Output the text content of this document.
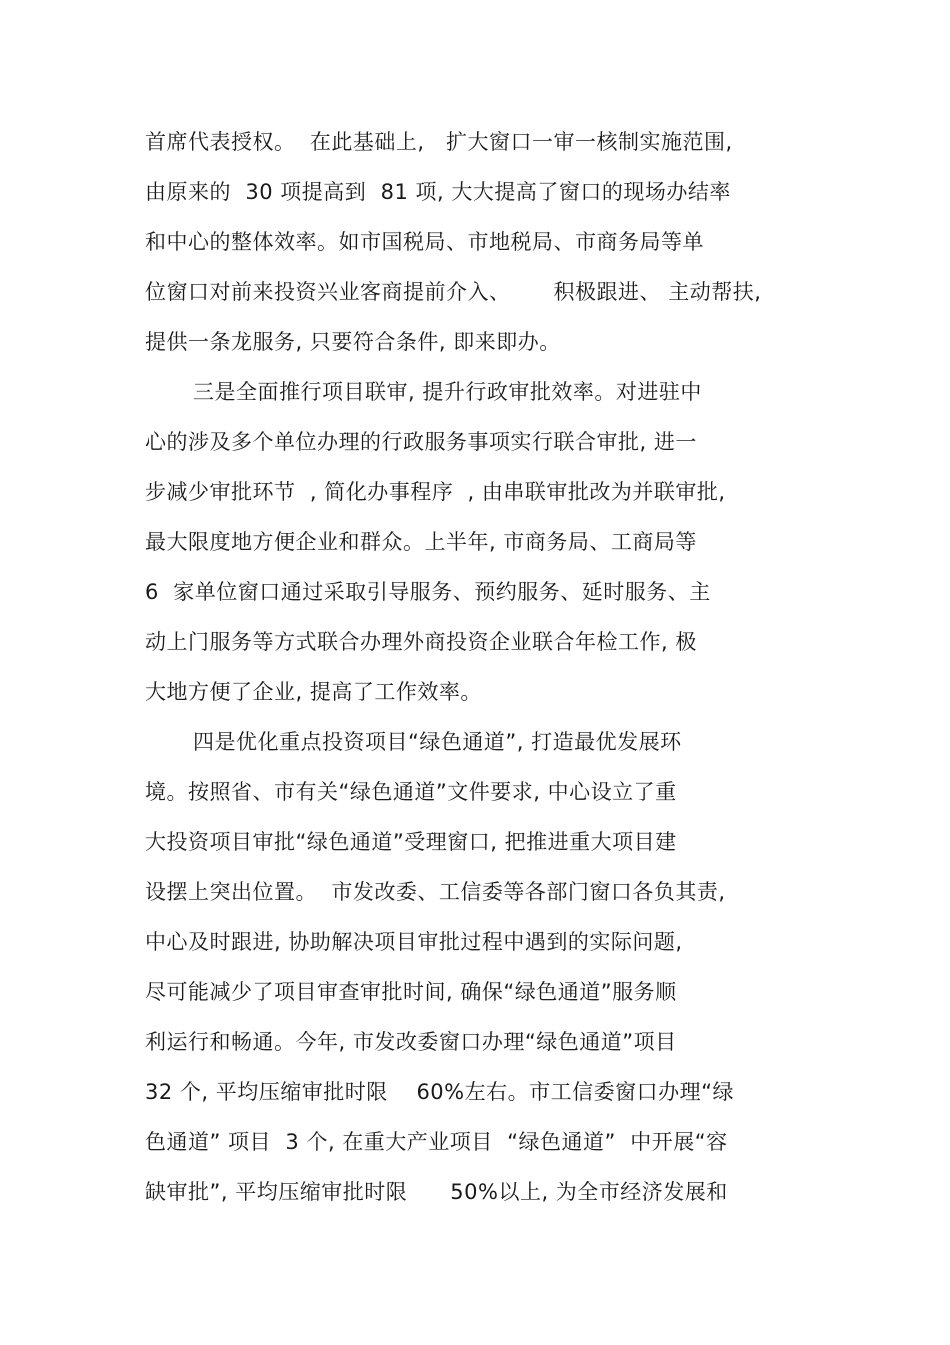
首席代表授权。  在此基础上,   扩大窗口一审一核制实施范围,
由原来的  30 项提高到  81 项, 大大提高了窗口的现场办结率
和中心的整体效率。如市国税局、市地税局、市商务局等单
位窗口对前来投资兴业客商提前介入、      积极跟进、 主动帮扶,
提供一条龙服务, 只要符合条件, 即来即办。
三是全面推行项目联审, 提升行政审批效率。对进驻中
心的涉及多个单位办理的行政服务事项实行联合审批, 进一
步减少审批环节  , 简化办事程序  , 由串联审批改为并联审批,
最大限度地方便企业和群众。上半年, 市商务局、工商局等
6  家单位窗口通过采取引导服务、预约服务、延时服务、主
动上门服务等方式联合办理外商投资企业联合年检工作, 极
大地方便了企业, 提高了工作效率。
四是优化重点投资项目“绿色通道”, 打造最优发展环
境。按照省、市有关“绿色通道”文件要求, 中心设立了重
大投资项目审批“绿色通道”受理窗口, 把推进重大项目建
设摆上突出位置。  市发改委、工信委等各部门窗口各负其责,
中心及时跟进, 协助解决项目审批过程中遇到的实际问题,
尽可能减少了项目审查审批时间, 确保“绿色通道”服务顺
利运行和畅通。今年, 市发改委窗口办理“绿色通道”项目
32 个, 平均压缩审批时限    60%左右。市工信委窗口办理“绿
色通道” 项目  3 个, 在重大产业项目  “绿色通道”  中开展“容
缺审批”, 平均压缩审批时限      50%以上, 为全市经济发展和
